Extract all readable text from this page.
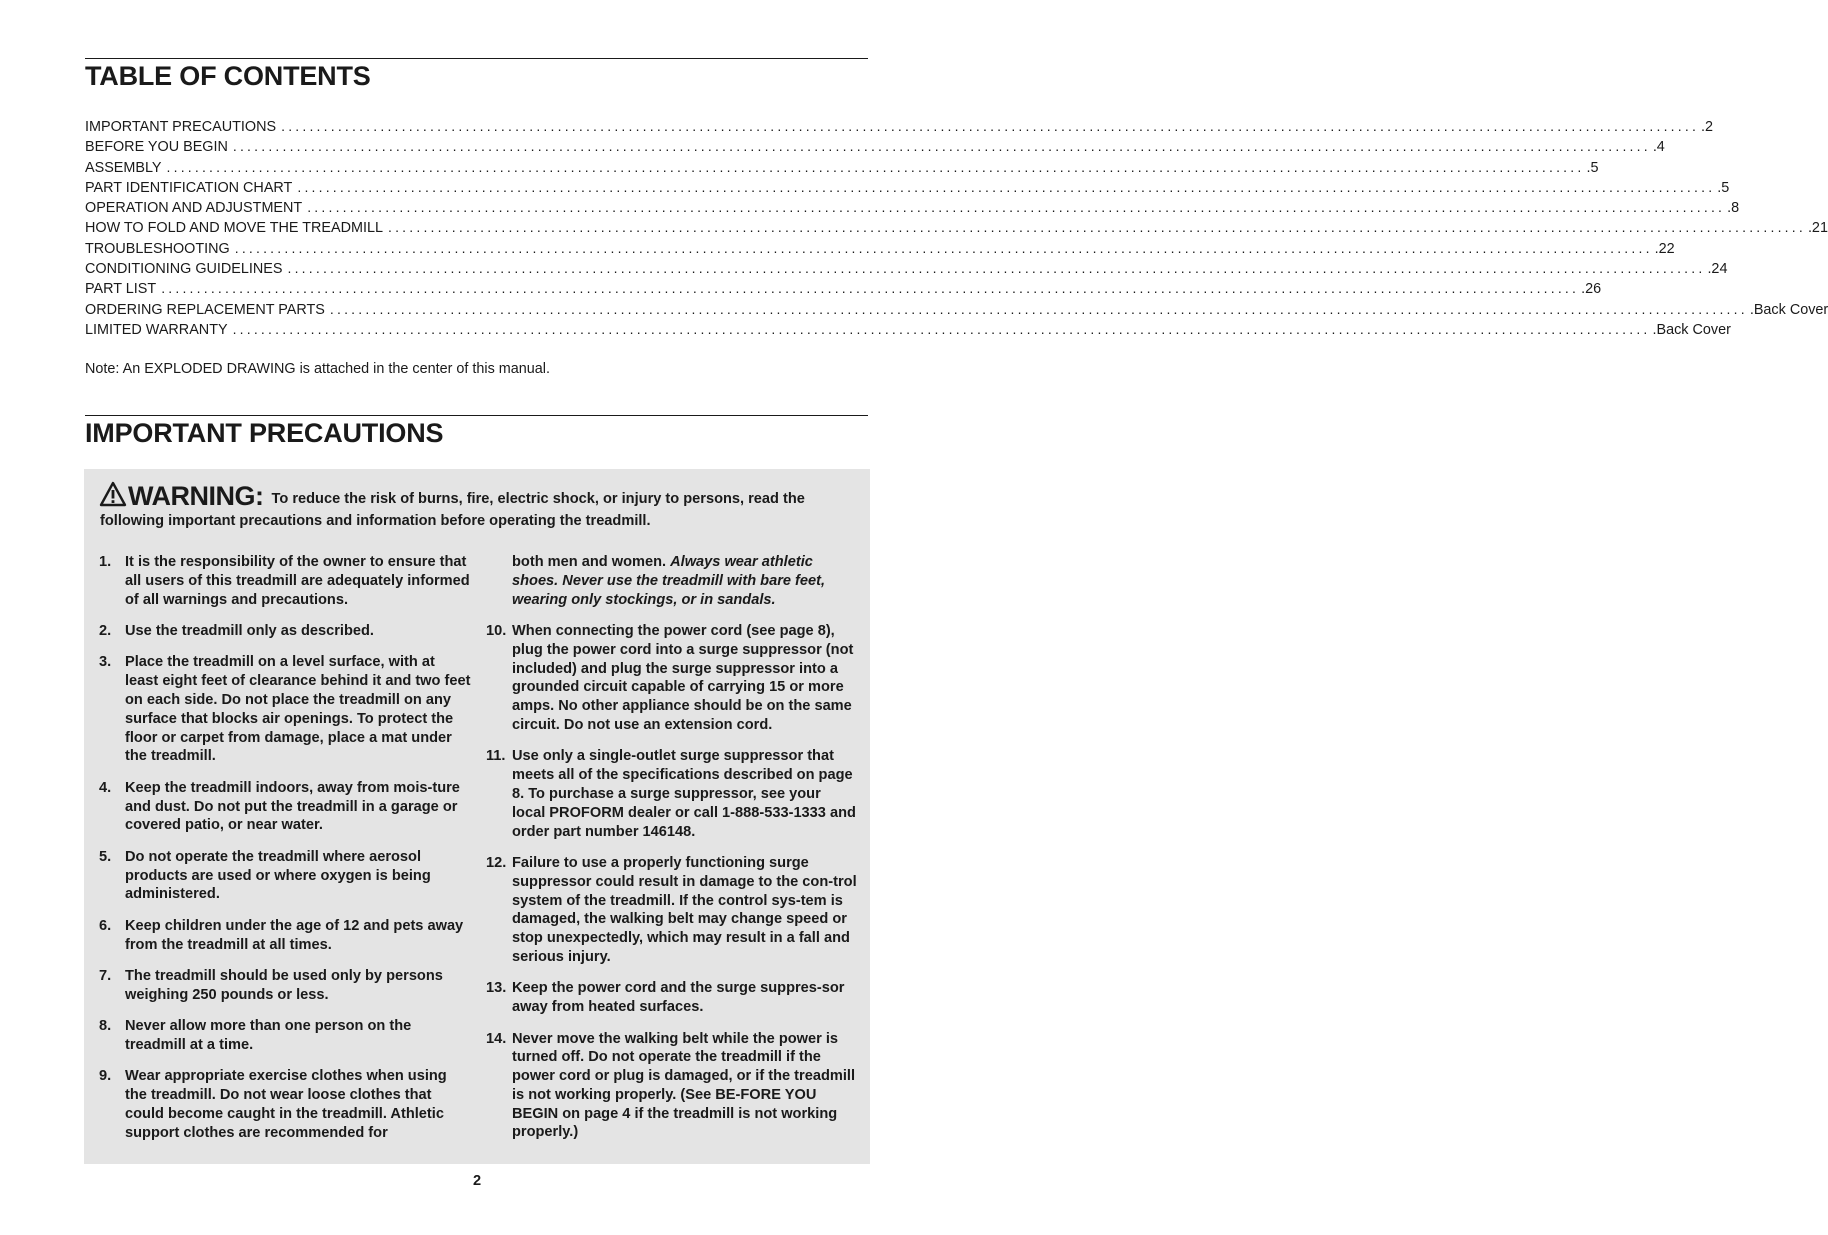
TABLE OF CONTENTS
IMPORTANT PRECAUTIONS ........................................................................................................................................................................................................ .2
BEFORE YOU BEGIN ........................................................................................................................................................................................................ .4
ASSEMBLY ........................................................................................................................................................................................................ .5
PART IDENTIFICATION CHART ........................................................................................................................................................................................................ .5
OPERATION AND ADJUSTMENT ........................................................................................................................................................................................................ .8
HOW TO FOLD AND MOVE THE TREADMILL ........................................................................................................................................................................................................ .21
TROUBLESHOOTING ........................................................................................................................................................................................................ .22
CONDITIONING GUIDELINES ........................................................................................................................................................................................................ .24
PART LIST ........................................................................................................................................................................................................ .26
ORDERING REPLACEMENT PARTS ........................................................................................................................................................................................................ .Back Cover
LIMITED WARRANTY ........................................................................................................................................................................................................ .Back Cover
Note: An EXPLODED DRAWING is attached in the center of this manual.
IMPORTANT PRECAUTIONS
WARNING: To reduce the risk of burns, fire, electric shock, or injury to persons, read the following important precautions and information before operating the treadmill.
1. It is the responsibility of the owner to ensure that all users of this treadmill are adequately informed of all warnings and precautions.
2. Use the treadmill only as described.
3. Place the treadmill on a level surface, with at least eight feet of clearance behind it and two feet on each side. Do not place the treadmill on any surface that blocks air openings. To protect the floor or carpet from damage, place a mat under the treadmill.
4. Keep the treadmill indoors, away from mois-ture and dust. Do not put the treadmill in a garage or covered patio, or near water.
5. Do not operate the treadmill where aerosol products are used or where oxygen is being administered.
6. Keep children under the age of 12 and pets away from the treadmill at all times.
7. The treadmill should be used only by persons weighing 250 pounds or less.
8. Never allow more than one person on the treadmill at a time.
9. Wear appropriate exercise clothes when using the treadmill. Do not wear loose clothes that could become caught in the treadmill. Athletic support clothes are recommended for
both men and women. Always wear athletic shoes. Never use the treadmill with bare feet, wearing only stockings, or in sandals.
10. When connecting the power cord (see page 8), plug the power cord into a surge suppressor (not included) and plug the surge suppressor into a grounded circuit capable of carrying 15 or more amps. No other appliance should be on the same circuit. Do not use an extension cord.
11. Use only a single-outlet surge suppressor that meets all of the specifications described on page 8. To purchase a surge suppressor, see your local PROFORM dealer or call 1-888-533-1333 and order part number 146148.
12. Failure to use a properly functioning surge suppressor could result in damage to the con-trol system of the treadmill. If the control sys-tem is damaged, the walking belt may change speed or stop unexpectedly, which may result in a fall and serious injury.
13. Keep the power cord and the surge suppres-sor away from heated surfaces.
14. Never move the walking belt while the power is turned off. Do not operate the treadmill if the power cord or plug is damaged, or if the treadmill is not working properly. (See BE-FORE YOU BEGIN on page 4 if the treadmill is not working properly.)
2
